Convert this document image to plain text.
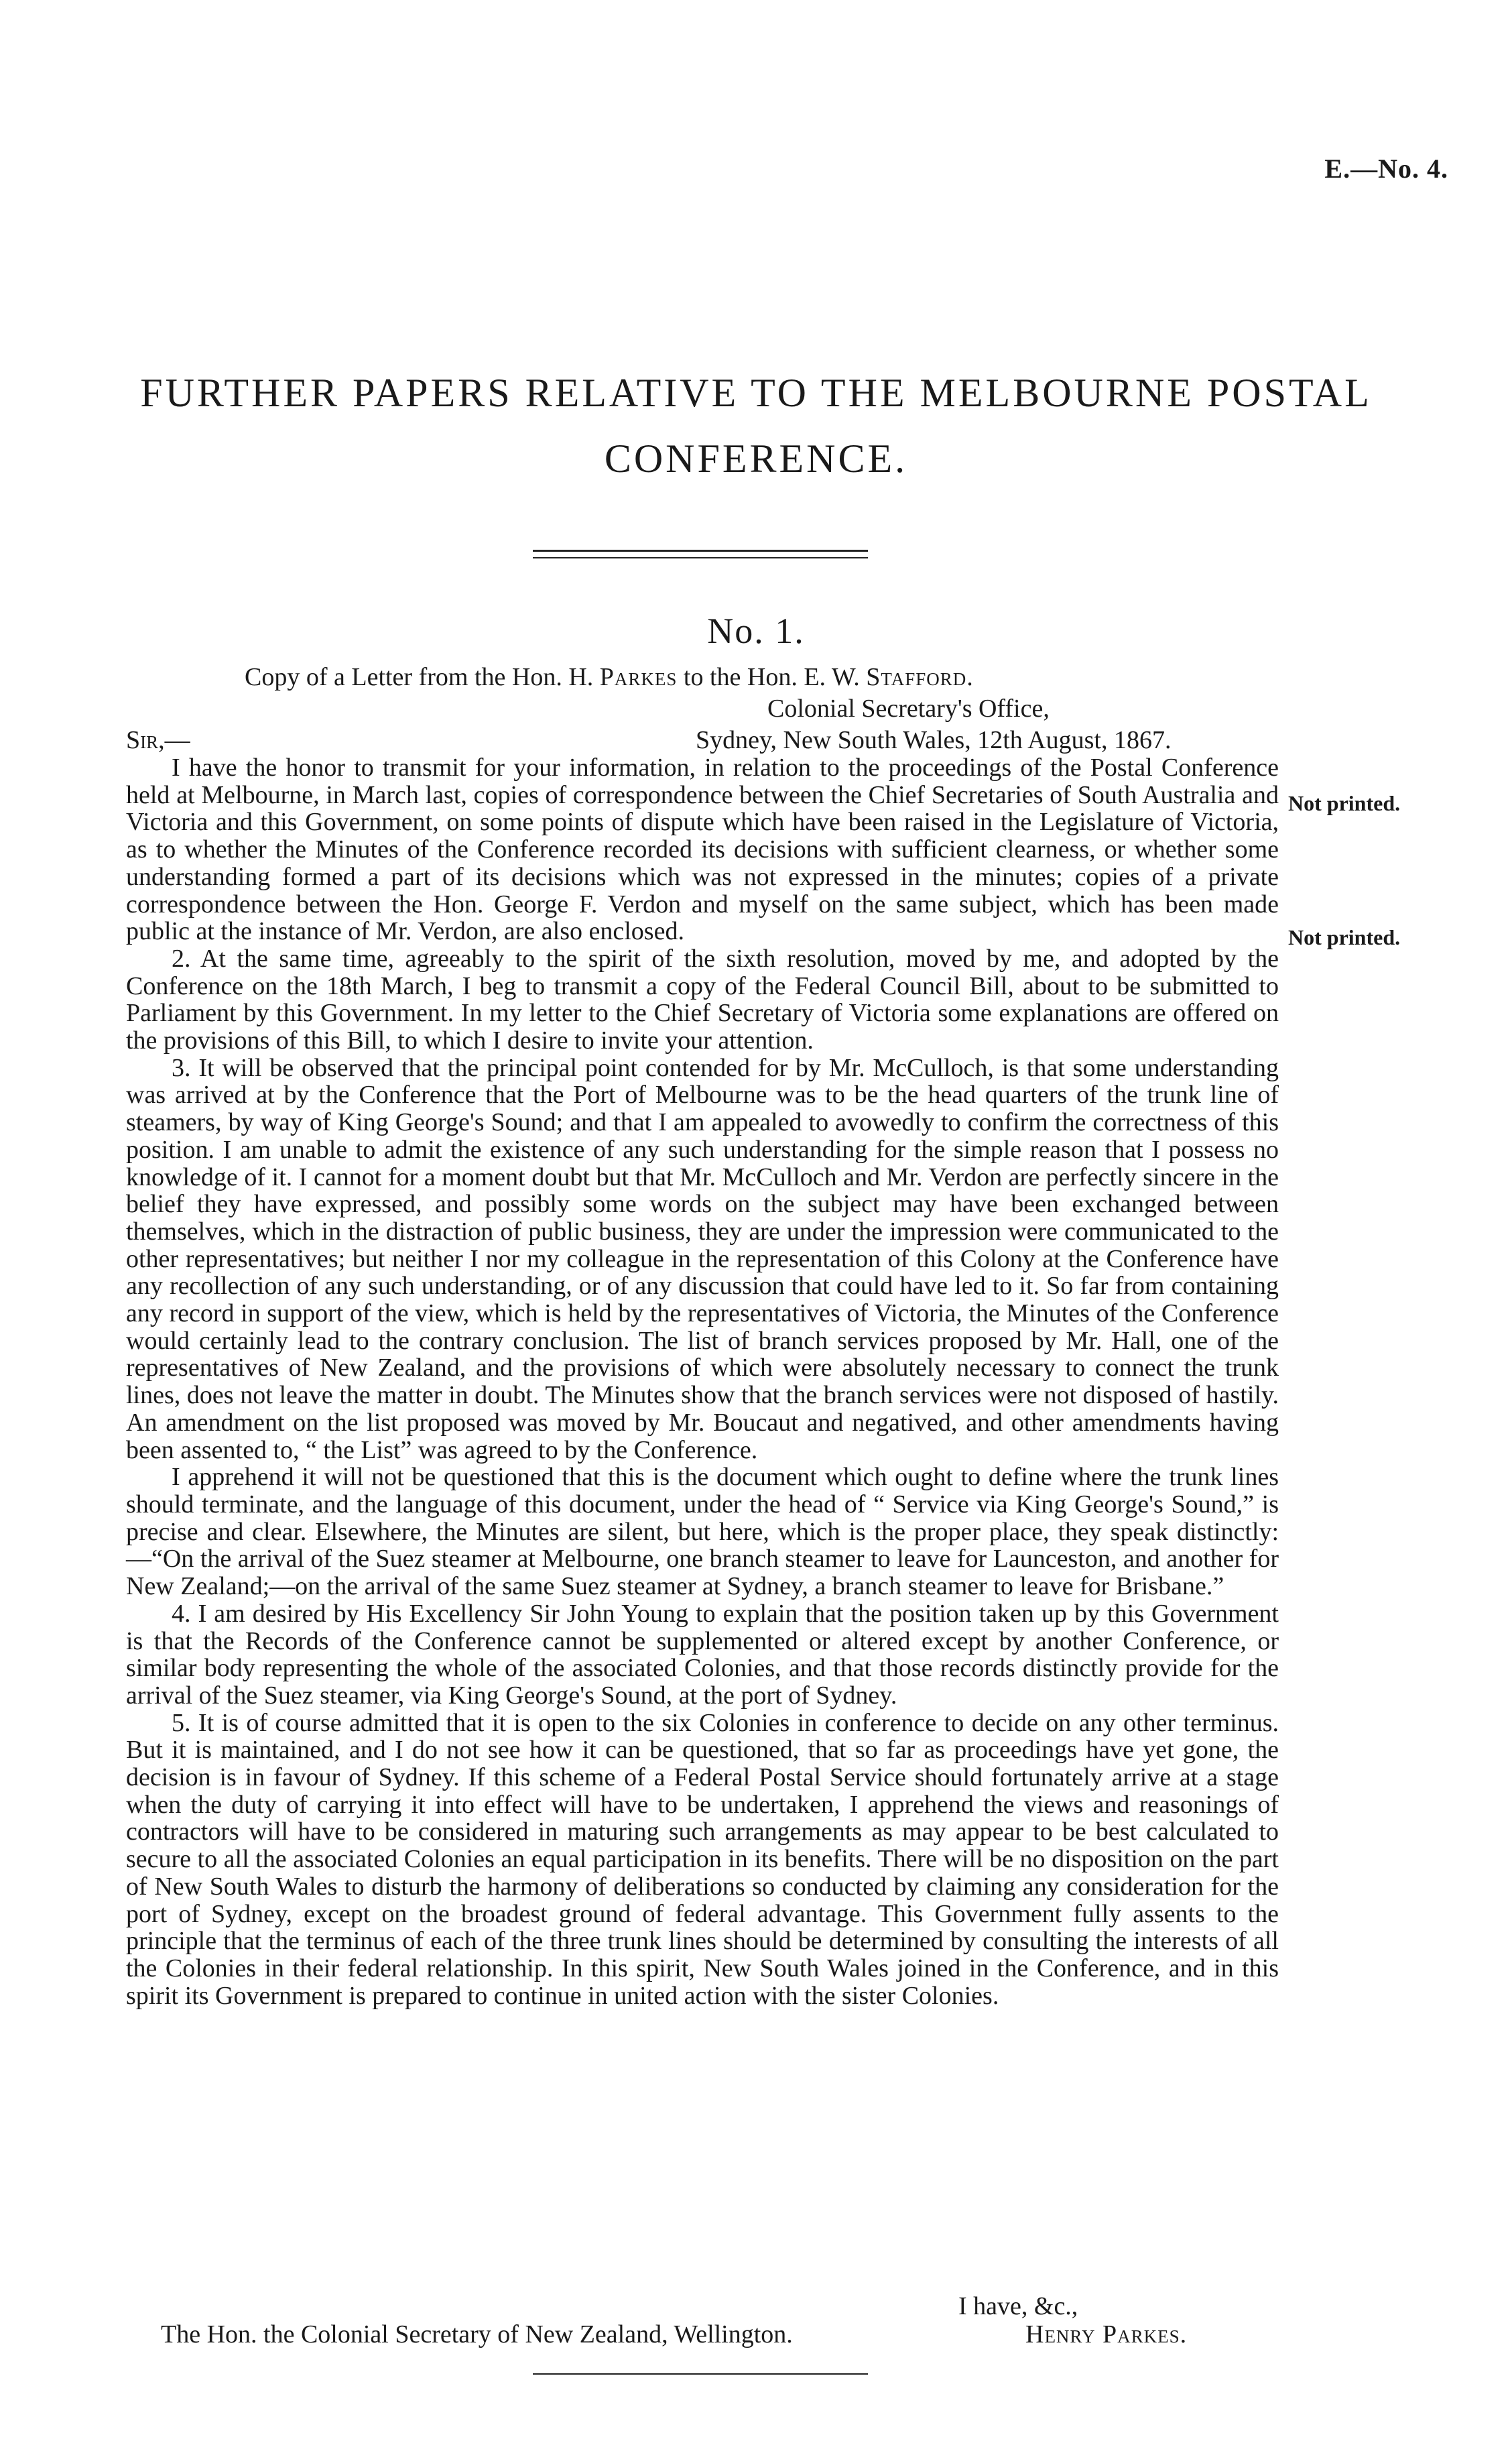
E.—No. 4.
FURTHER PAPERS RELATIVE TO THE MELBOURNE POSTAL
CONFERENCE.
No. 1.
Copy of a Letter from the Hon. H. Parkes to the Hon. E. W. Stafford.
Colonial Secretary's Office,
Sir,—	Sydney, New South Wales, 12th August, 1867.

I have the honor to transmit for your information, in relation to the proceedings of the Postal Conference held at Melbourne, in March last, copies of correspondence between the Chief Secretaries of South Australia and Victoria and this Government, on some points of dispute which have been raised in the Legislature of Victoria, as to whether the Minutes of the Conference recorded its decisions with sufficient clearness, or whether some understanding formed a part of its decisions which was not expressed in the minutes; copies of a private correspondence between the Hon. George F. Verdon and myself on the same subject, which has been made public at the instance of Mr. Verdon, are also enclosed.

2. At the same time, agreeably to the spirit of the sixth resolution, moved by me, and adopted by the Conference on the 18th March, I beg to transmit a copy of the Federal Council Bill, about to be submitted to Parliament by this Government. In my letter to the Chief Secretary of Victoria some explanations are offered on the provisions of this Bill, to which I desire to invite your attention.

3. It will be observed that the principal point contended for by Mr. McCulloch, is that some understanding was arrived at by the Conference that the Port of Melbourne was to be the head quarters of the trunk line of steamers, by way of King George's Sound; and that I am appealed to avowedly to confirm the correctness of this position. I am unable to admit the existence of any such understanding for the simple reason that I possess no knowledge of it. I cannot for a moment doubt but that Mr. McCulloch and Mr. Verdon are perfectly sincere in the belief they have expressed, and possibly some words on the subject may have been exchanged between themselves, which in the distraction of public business, they are under the impression were communicated to the other representatives; but neither I nor my colleague in the representation of this Colony at the Conference have any recollection of any such understanding, or of any discussion that could have led to it. So far from containing any record in support of the view, which is held by the representatives of Victoria, the Minutes of the Conference would certainly lead to the contrary conclusion. The list of branch services proposed by Mr. Hall, one of the representatives of New Zealand, and the provisions of which were absolutely necessary to connect the trunk lines, does not leave the matter in doubt. The Minutes show that the branch services were not disposed of hastily. An amendment on the list proposed was moved by Mr. Boucaut and negatived, and other amendments having been assented to, “ the List” was agreed to by the Conference.

I apprehend it will not be questioned that this is the document which ought to define where the trunk lines should terminate, and the language of this document, under the head of “ Service via King George's Sound,” is precise and clear. Elsewhere, the Minutes are silent, but here, which is the proper place, they speak distinctly:—“On the arrival of the Suez steamer at Melbourne, one branch steamer to leave for Launceston, and another for New Zealand;—on the arrival of the same Suez steamer at Sydney, a branch steamer to leave for Brisbane.”

4. I am desired by His Excellency Sir John Young to explain that the position taken up by this Government is that the Records of the Conference cannot be supplemented or altered except by another Conference, or similar body representing the whole of the associated Colonies, and that those records distinctly provide for the arrival of the Suez steamer, via King George's Sound, at the port of Sydney.

5. It is of course admitted that it is open to the six Colonies in conference to decide on any other terminus. But it is maintained, and I do not see how it can be questioned, that so far as proceedings have yet gone, the decision is in favour of Sydney. If this scheme of a Federal Postal Service should fortunately arrive at a stage when the duty of carrying it into effect will have to be undertaken, I apprehend the views and reasonings of contractors will have to be considered in maturing such arrangements as may appear to be best calculated to secure to all the associated Colonies an equal participation in its benefits. There will be no disposition on the part of New South Wales to disturb the harmony of deliberations so conducted by claiming any consideration for the port of Sydney, except on the broadest ground of federal advantage. This Government fully assents to the principle that the terminus of each of the three trunk lines should be determined by consulting the interests of all the Colonies in their federal relationship. In this spirit, New South Wales joined in the Conference, and in this spirit its Government is prepared to continue in united action with the sister Colonies.

Not printed.
Not printed.
I have, &c.,
The Hon. the Colonial Secretary of New Zealand, Wellington.	Henry Parkes.
